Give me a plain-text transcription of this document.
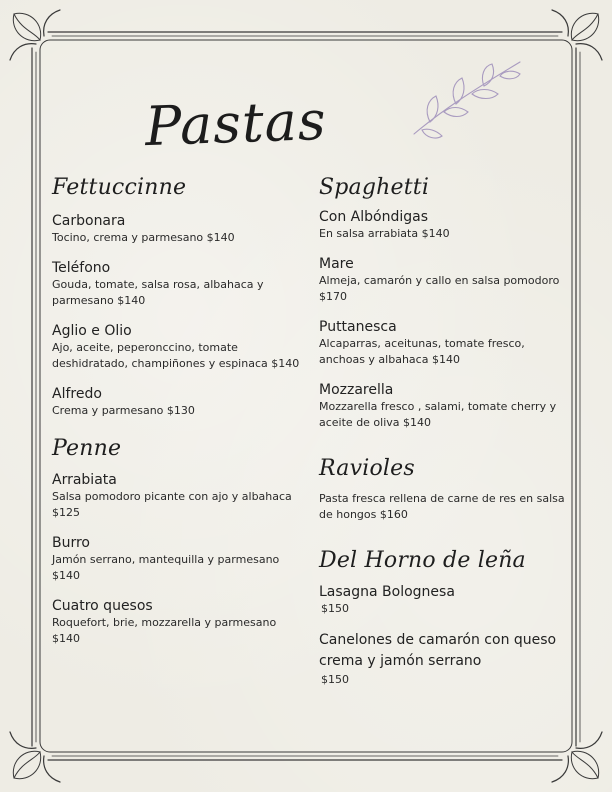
Pastas
Fettuccinne
Carbonara
Tocino, crema y parmesano $140
Teléfono
Gouda, tomate, salsa rosa, albahaca y parmesano $140
Aglio e Olio
Ajo, aceite, peperonccino, tomate deshidratado, champiñones y espinaca $140
Alfredo
Crema y parmesano $130
Penne
Arrabiata
Salsa pomodoro picante con ajo y albahaca $125
Burro
Jamón serrano, mantequilla y parmesano $140
Cuatro quesos
Roquefort, brie, mozzarella y parmesano $140
Spaghetti
Con Albóndigas
En salsa arrabiata $140
Mare
Almeja, camarón y callo en salsa pomodoro $170
Puttanesca
Alcaparras, aceitunas, tomate fresco, anchoas y albahaca $140
Mozzarella
Mozzarella fresco , salami, tomate cherry y aceite de oliva $140
Ravioles
Pasta fresca rellena de carne de res en salsa de hongos $160
Del Horno de leña
Lasagna Bolognesa
$150
Canelones de camarón con queso crema y jamón serrano
$150
